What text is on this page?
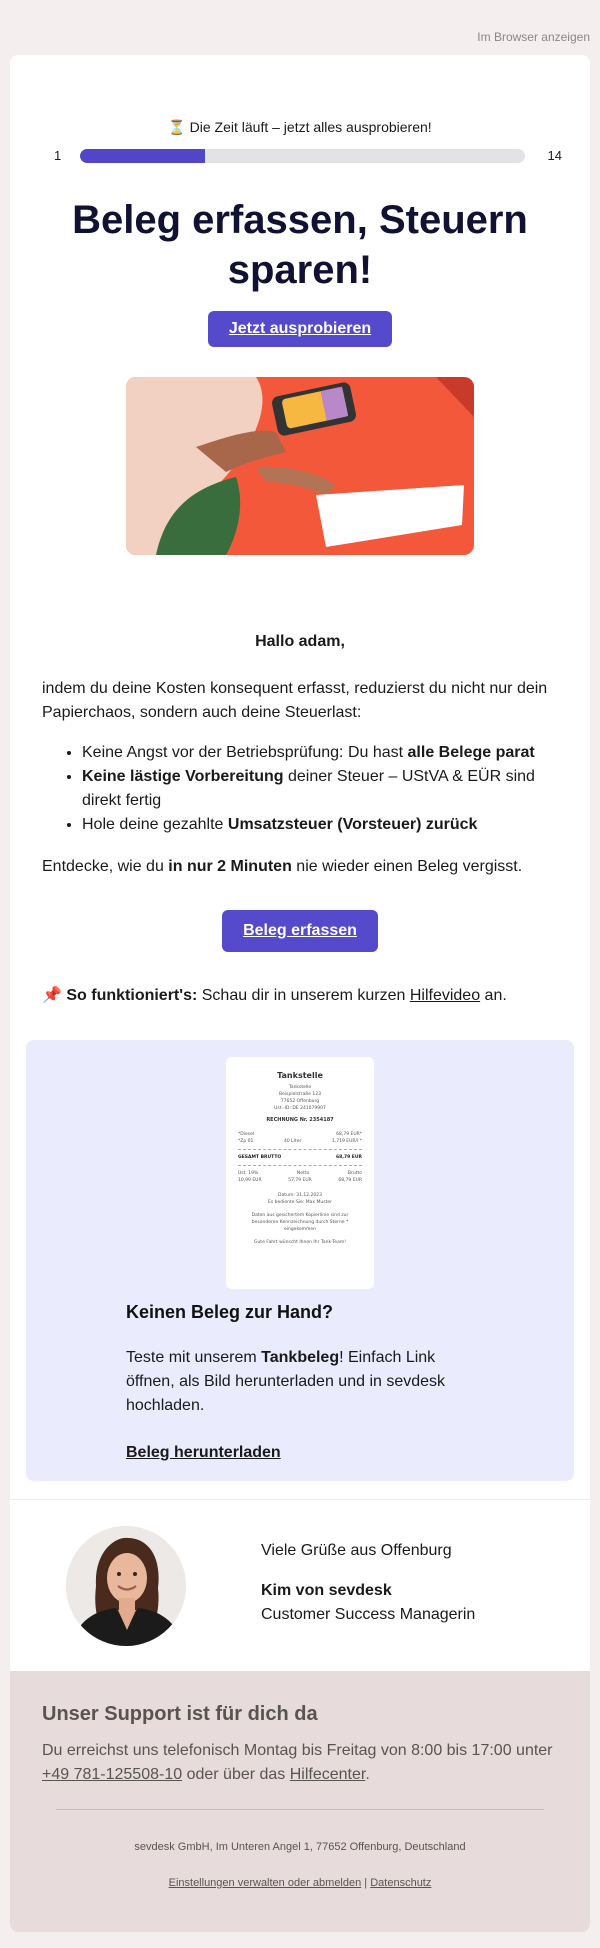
Im Browser anzeigen
⏳ Die Zeit läuft – jetzt alles ausprobieren!
1	14
Beleg erfassen, Steuern sparen!
Jetzt ausprobieren

Hallo adam,

indem du deine Kosten konsequent erfasst, reduzierst du nicht nur dein Papierchaos, sondern auch deine Steuerlast:

• Keine Angst vor der Betriebsprüfung: Du hast alle Belege parat
• Keine lästige Vorbereitung deiner Steuer – UStVA & EÜR sind direkt fertig
• Hole deine gezahlte Umsatzsteuer (Vorsteuer) zurück

Entdecke, wie du in nur 2 Minuten nie wieder einen Beleg vergisst.

Beleg erfassen

📌 So funktioniert's: Schau dir in unserem kurzen Hilfevideo an.

Tankstelle
Tankstelle
Beispielstraße 123
77652 Offenburg
Ust.-ID: DE 241079907
RECHNUNG Nr. 2354187
*Diesel	68,79 EUR*
*Zp 01	40 Liter	1,719 EUR/l *
GESAMT BRUTTO	68,79 EUR
Ust. 19%	Netto	Brutto
10,99 EUR	57,79 EUR	68,79 EUR
Datum: 31.12.2023
Es bediente Sie: Max Muster
Daten aus gesichertem Kopierlinie sind zur besonderen Kennzeichnung durch Sterne * eingekommen
Gute Fahrt wünscht Ihnen Ihr Tank-Team!
Keinen Beleg zur Hand?

Teste mit unserem Tankbeleg! Einfach Link öffnen, als Bild herunterladen und in sevdesk hochladen.

Beleg herunterladen

Viele Grüße aus Offenburg

Kim von sevdesk

Customer Success Managerin

Unser Support ist für dich da

Du erreichst uns telefonisch Montag bis Freitag von 8:00 bis 17:00 unter +49 781-125508-10 oder über das Hilfecenter.

sevdesk GmbH, Im Unteren Angel 1, 77652 Offenburg, Deutschland

Einstellungen verwalten oder abmelden | Datenschutz
